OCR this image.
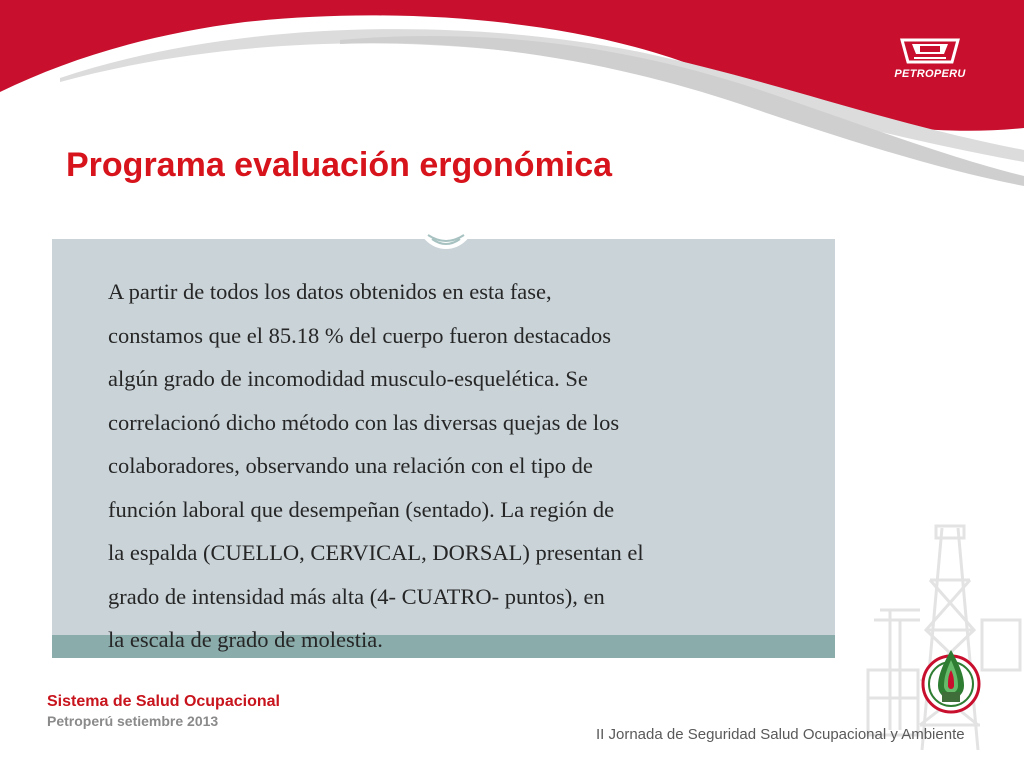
PETROPERU
Programa evaluación ergonómica
A partir de todos los datos obtenidos en esta fase,
constamos que el 85.18 % del cuerpo fueron destacados
algún grado de incomodidad musculo-esquelética. Se
correlacionó dicho método con las diversas quejas de los
colaboradores, observando una relación con el tipo de
función laboral que desempeñan (sentado). La región de
la espalda (CUELLO, CERVICAL, DORSAL) presentan el
grado de intensidad más alta (4- CUATRO- puntos), en
la escala de grado de molestia.
Sistema de Salud Ocupacional
Petroperú setiembre 2013
II Jornada de Seguridad Salud Ocupacional y Ambiente
